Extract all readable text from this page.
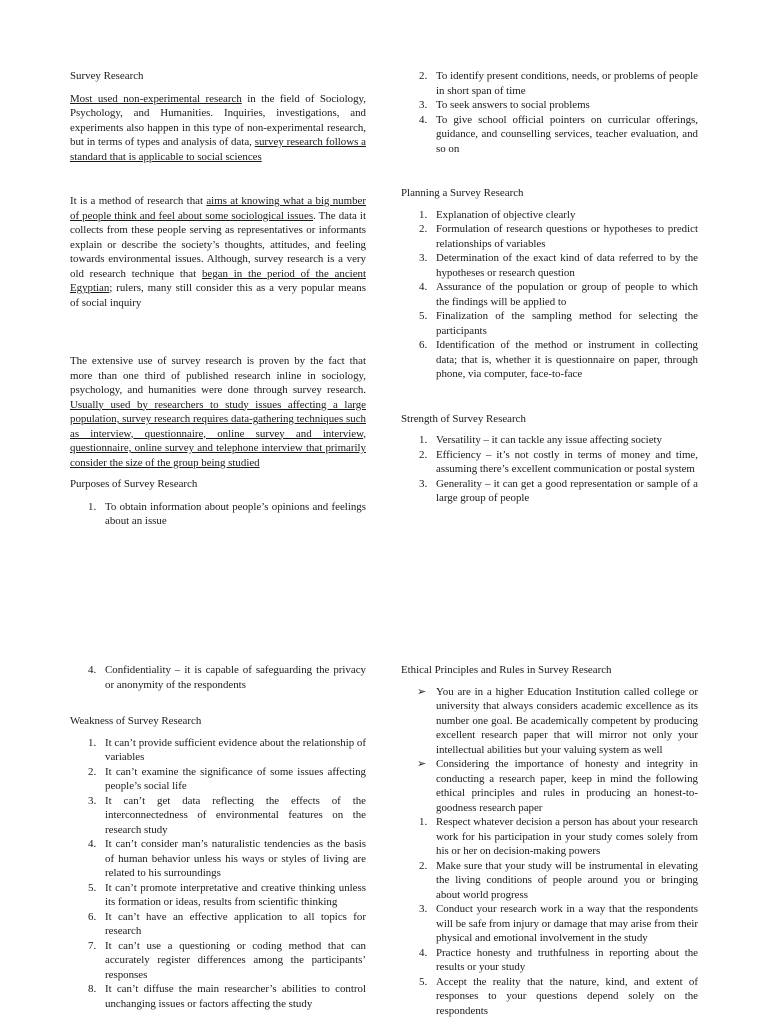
Survey Research

Most used non-experimental research in the field of Sociology, Psychology, and Humanities. Inquiries, investigations, and experiments also happen in this type of non-experimental research, but in terms of types and analysis of data, survey research follows a standard that is applicable to social sciences

It is a method of research that aims at knowing what a big number of people think and feel about some sociological issues. The data it collects from these people serving as representatives or informants explain or describe the society’s thoughts, attitudes, and feeling towards environmental issues. Although, survey research is a very old research technique that began in the period of the ancient Egyptian; rulers, many still consider this as a very popular means of social inquiry

The extensive use of survey research is proven by the fact that more than one third of published research inline in sociology, psychology, and humanities were done through survey research. Usually used by researchers to study issues affecting a large population, survey research requires data-gathering techniques such as interview, questionnaire, online survey and interview, questionnaire, online survey and telephone interview that primarily consider the size of the group being studied

Purposes of Survey Research
1. To obtain information about people’s opinions and feelings about an issue
2. To identify present conditions, needs, or problems of people in short span of time
3. To seek answers to social problems
4. To give school official pointers on curricular offerings, guidance, and counselling services, teacher evaluation, and so on
Planning a Survey Research
1. Explanation of objective clearly
2. Formulation of research questions or hypotheses to predict relationships of variables
3. Determination of the exact kind of data referred to by the hypotheses or research question
4. Assurance of the population or group of people to which the findings will be applied to
5. Finalization of the sampling method for selecting the participants
6. Identification of the method or instrument in collecting data; that is, whether it is questionnaire on paper, through phone, via computer, face-to-face
Strength of Survey Research
1. Versatility – it can tackle any issue affecting society
2. Efficiency – it’s not costly in terms of money and time, assuming there’s excellent communication or postal system
3. Generality – it can get a good representation or sample of a large group of people
4. Confidentiality – it is capable of safeguarding the privacy or anonymity of the respondents
Weakness of Survey Research
1. It can’t provide sufficient evidence about the relationship of variables
2. It can’t examine the significance of some issues affecting people’s social life
3. It can’t get data reflecting the effects of the interconnectedness of environmental features on the research study
4. It can’t consider man’s naturalistic tendencies as the basis of human behavior unless his ways or styles of living are related to his surroundings
5. It can’t promote interpretative and creative thinking unless its formation or ideas, results from scientific thinking
6. It can’t have an effective application to all topics for research
7. It can’t use a questioning or coding method that can accurately register differences among the participants’ responses
8. It can’t diffuse the main researcher’s abilities to control unchanging issues or factors affecting the study
Ethical Principles and Rules in Survey Research
➢ You are in a higher Education Institution called college or university that always considers academic excellence as its number one goal. Be academically competent by producing excellent research paper that will mirror not only your intellectual abilities but your valuing system as well
➢ Considering the importance of honesty and integrity in conducting a research paper, keep in mind the following ethical principles and rules in producing an honest-to-goodness research paper
1. Respect whatever decision a person has about your research work for his participation in your study comes solely from his or her on decision-making powers
2. Make sure that your study will be instrumental in elevating the living conditions of people around you or bringing about world progress
3. Conduct your research work in a way that the respondents will be safe from injury or damage that may arise from their physical and emotional involvement in the study
4. Practice honesty and truthfulness in reporting about the results or your study
5. Accept the reality that the nature, kind, and extent of responses to your questions depend solely on the respondents
